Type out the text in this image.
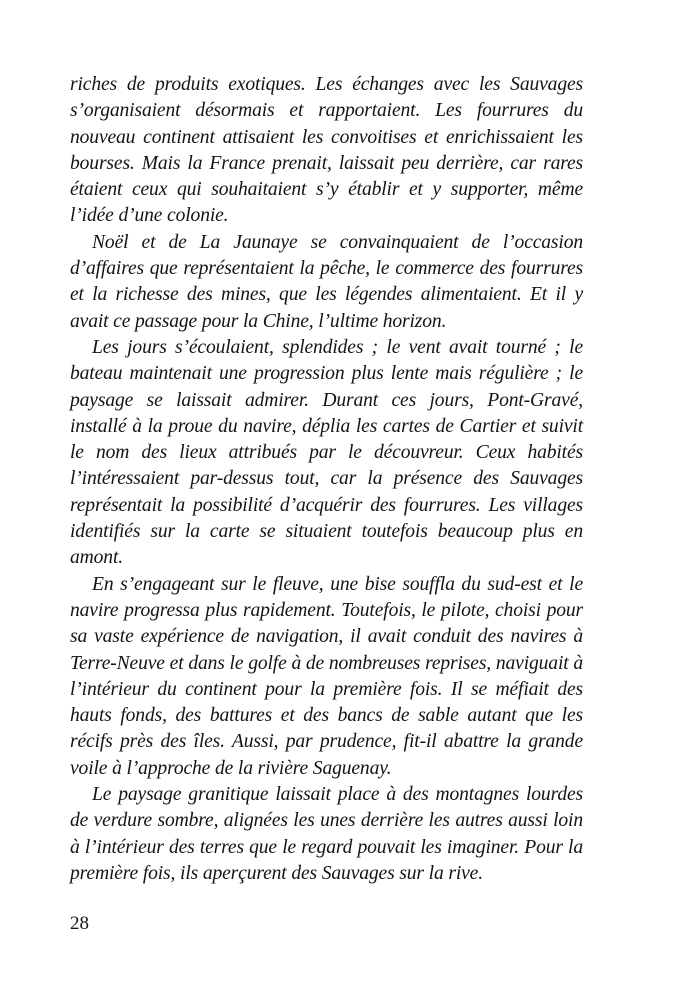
riches de produits exotiques. Les échanges avec les Sauvages s’organisaient désormais et rapportaient. Les fourrures du nouveau continent attisaient les convoitises et enrichissaient les bourses. Mais la France prenait, laissait peu derrière, car rares étaient ceux qui souhaitaient s’y établir et y supporter, même l’idée d’une colonie.

Noël et de La Jaunaye se convainquaient de l’occasion d’affaires que représentaient la pêche, le commerce des fourrures et la richesse des mines, que les légendes alimentaient. Et il y avait ce passage pour la Chine, l’ultime horizon.

Les jours s’écoulaient, splendides ; le vent avait tourné ; le bateau maintenait une progression plus lente mais régulière ; le paysage se laissait admirer. Durant ces jours, Pont-Gravé, installé à la proue du navire, déplia les cartes de Cartier et suivit le nom des lieux attribués par le découvreur. Ceux habités l’intéressaient par-dessus tout, car la présence des Sauvages représentait la possibilité d’acquérir des fourrures. Les villages identifiés sur la carte se situaient toutefois beaucoup plus en amont.

En s’engageant sur le fleuve, une bise souffla du sud-est et le navire progressa plus rapidement. Toutefois, le pilote, choisi pour sa vaste expérience de navigation, il avait conduit des navires à Terre-Neuve et dans le golfe à de nombreuses reprises, naviguait à l’intérieur du continent pour la première fois. Il se méfiait des hauts fonds, des battures et des bancs de sable autant que les récifs près des îles. Aussi, par prudence, fit-il abattre la grande voile à l’approche de la rivière Saguenay.

Le paysage granitique laissait place à des montagnes lourdes de verdure sombre, alignées les unes derrière les autres aussi loin à l’intérieur des terres que le regard pouvait les imaginer. Pour la première fois, ils aperçurent des Sauvages sur la rive.

28
